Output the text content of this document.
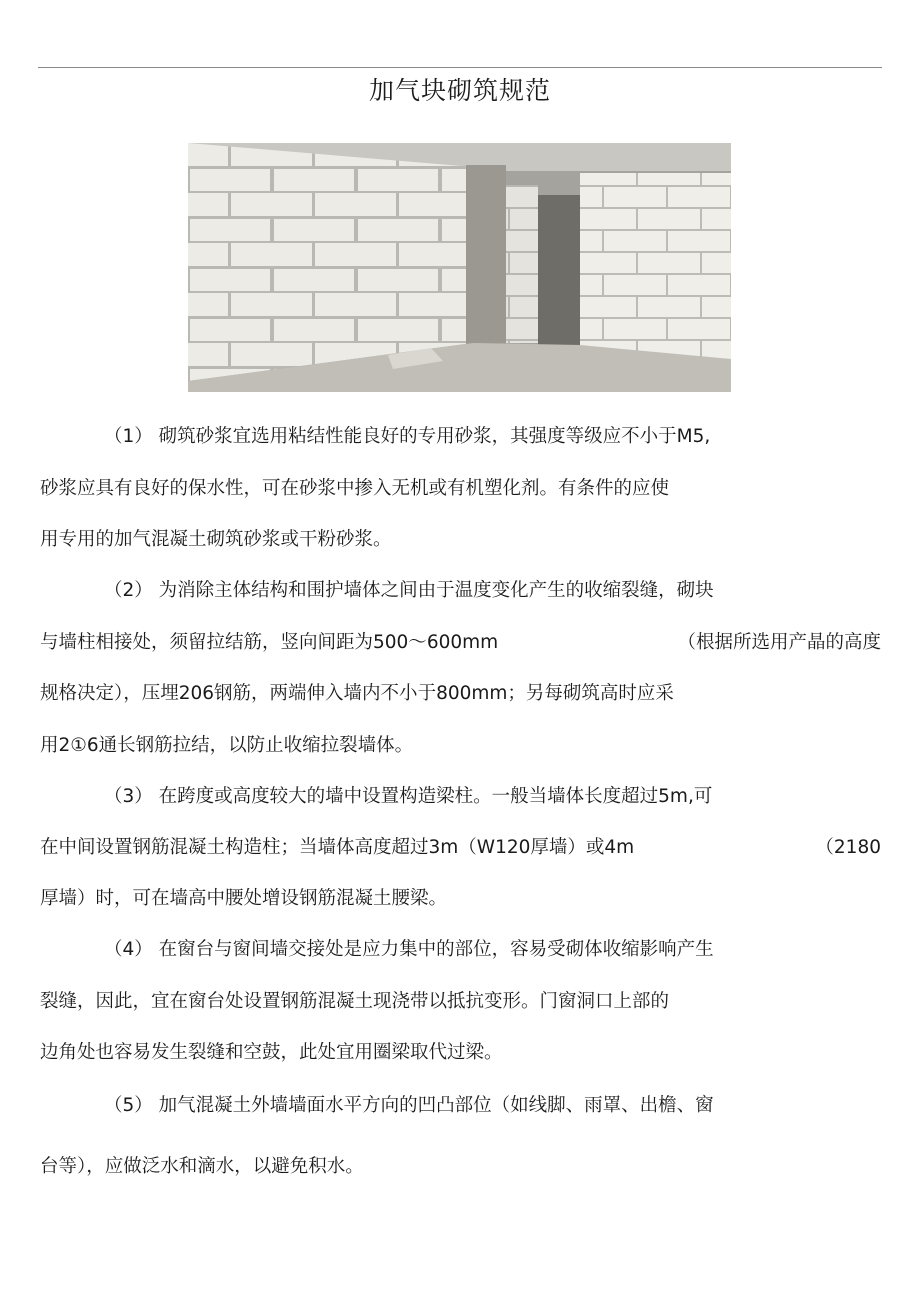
加气块砌筑规范
（1） 砌筑砂浆宜选用粘结性能良好的专用砂浆，其强度等级应不小于M5,
砂浆应具有良好的保水性，可在砂浆中掺入无机或有机塑化剂。有条件的应使
用专用的加气混凝土砌筑砂浆或干粉砂浆。
（2） 为消除主体结构和围护墙体之间由于温度变化产生的收缩裂缝，砌块
与墙柱相接处，须留拉结筋，竖向间距为500〜600mm	（根据所选用产晶的高度
规格决定），压埋206钢筋，两端伸入墙内不小于800mm；另每砌筑高时应采
用2①6通长钢筋拉结，以防止收缩拉裂墙体。
（3） 在跨度或高度较大的墙中设置构造梁柱。一般当墙体长度超过5m,可
在中间设置钢筋混凝土构造柱；当墙体高度超过3m（W120厚墙）或4m	（2180
厚墙）时，可在墙高中腰处增设钢筋混凝土腰梁。
（4） 在窗台与窗间墙交接处是应力集中的部位，容易受砌体收缩影响产生
裂缝，因此，宜在窗台处设置钢筋混凝土现浇带以抵抗变形。门窗洞口上部的
边角处也容易发生裂缝和空鼓，此处宜用圈梁取代过梁。
（5） 加气混凝土外墙墙面水平方向的凹凸部位（如线脚、雨罩、出檐、窗
台等），应做泛水和滴水，以避免积水。
